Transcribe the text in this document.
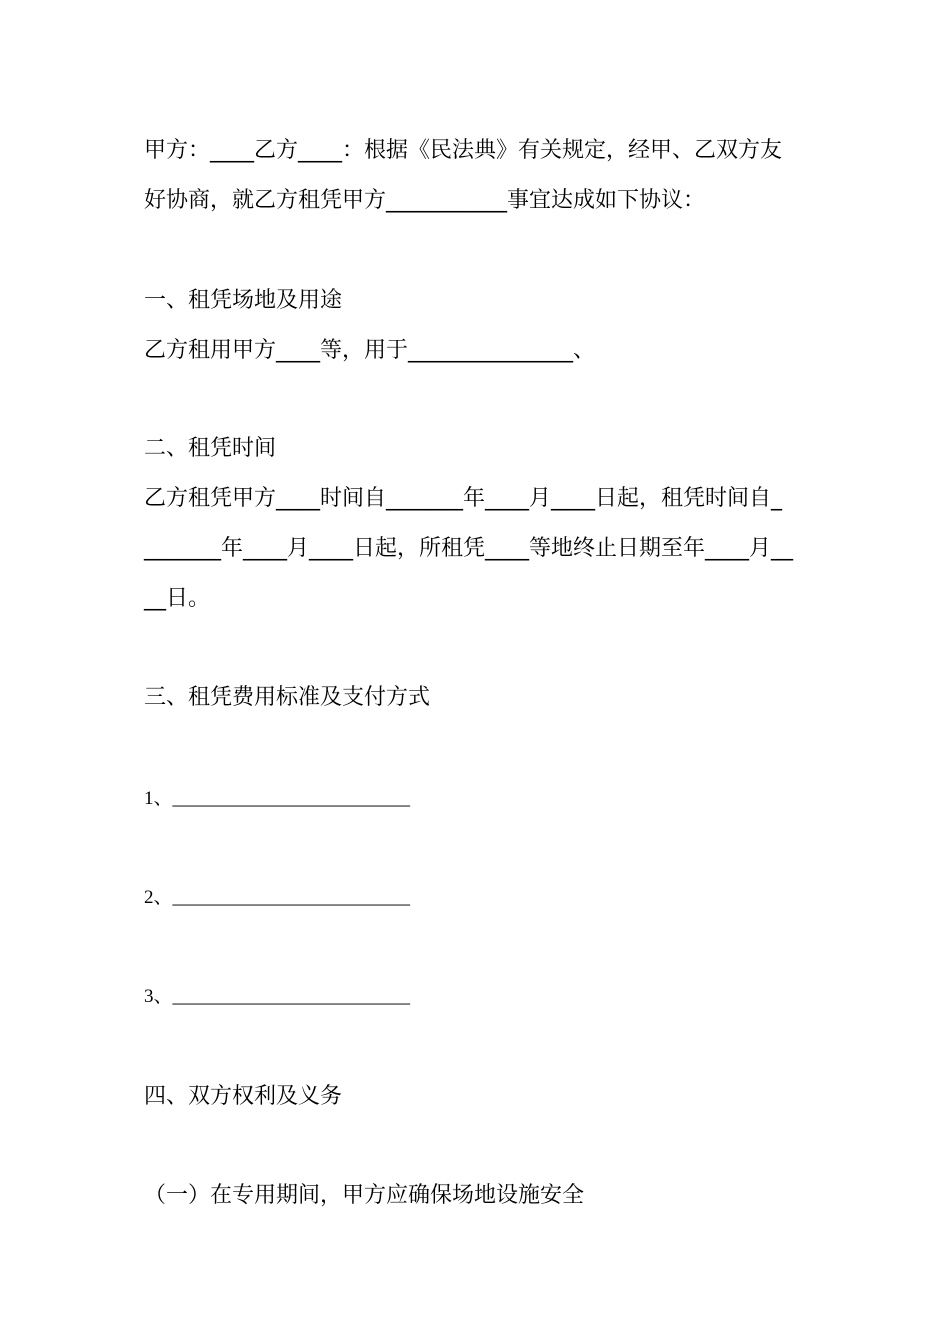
甲方：____乙方____：根据《民法典》有关规定，经甲、乙双方友
好协商，就乙方租凭甲方___________事宜达成如下协议：
一、租凭场地及用途
乙方租用甲方____等，用于_______________、
二、租凭时间
乙方租凭甲方____时间自_______年____月____日起，租凭时间自_
_______年____月____日起，所租凭____等地终止日期至年____月__
__日。
三、租凭费用标准及支付方式
1、_________________________
2、_________________________
3、_________________________
四、双方权利及义务
（一）在专用期间，甲方应确保场地设施安全
